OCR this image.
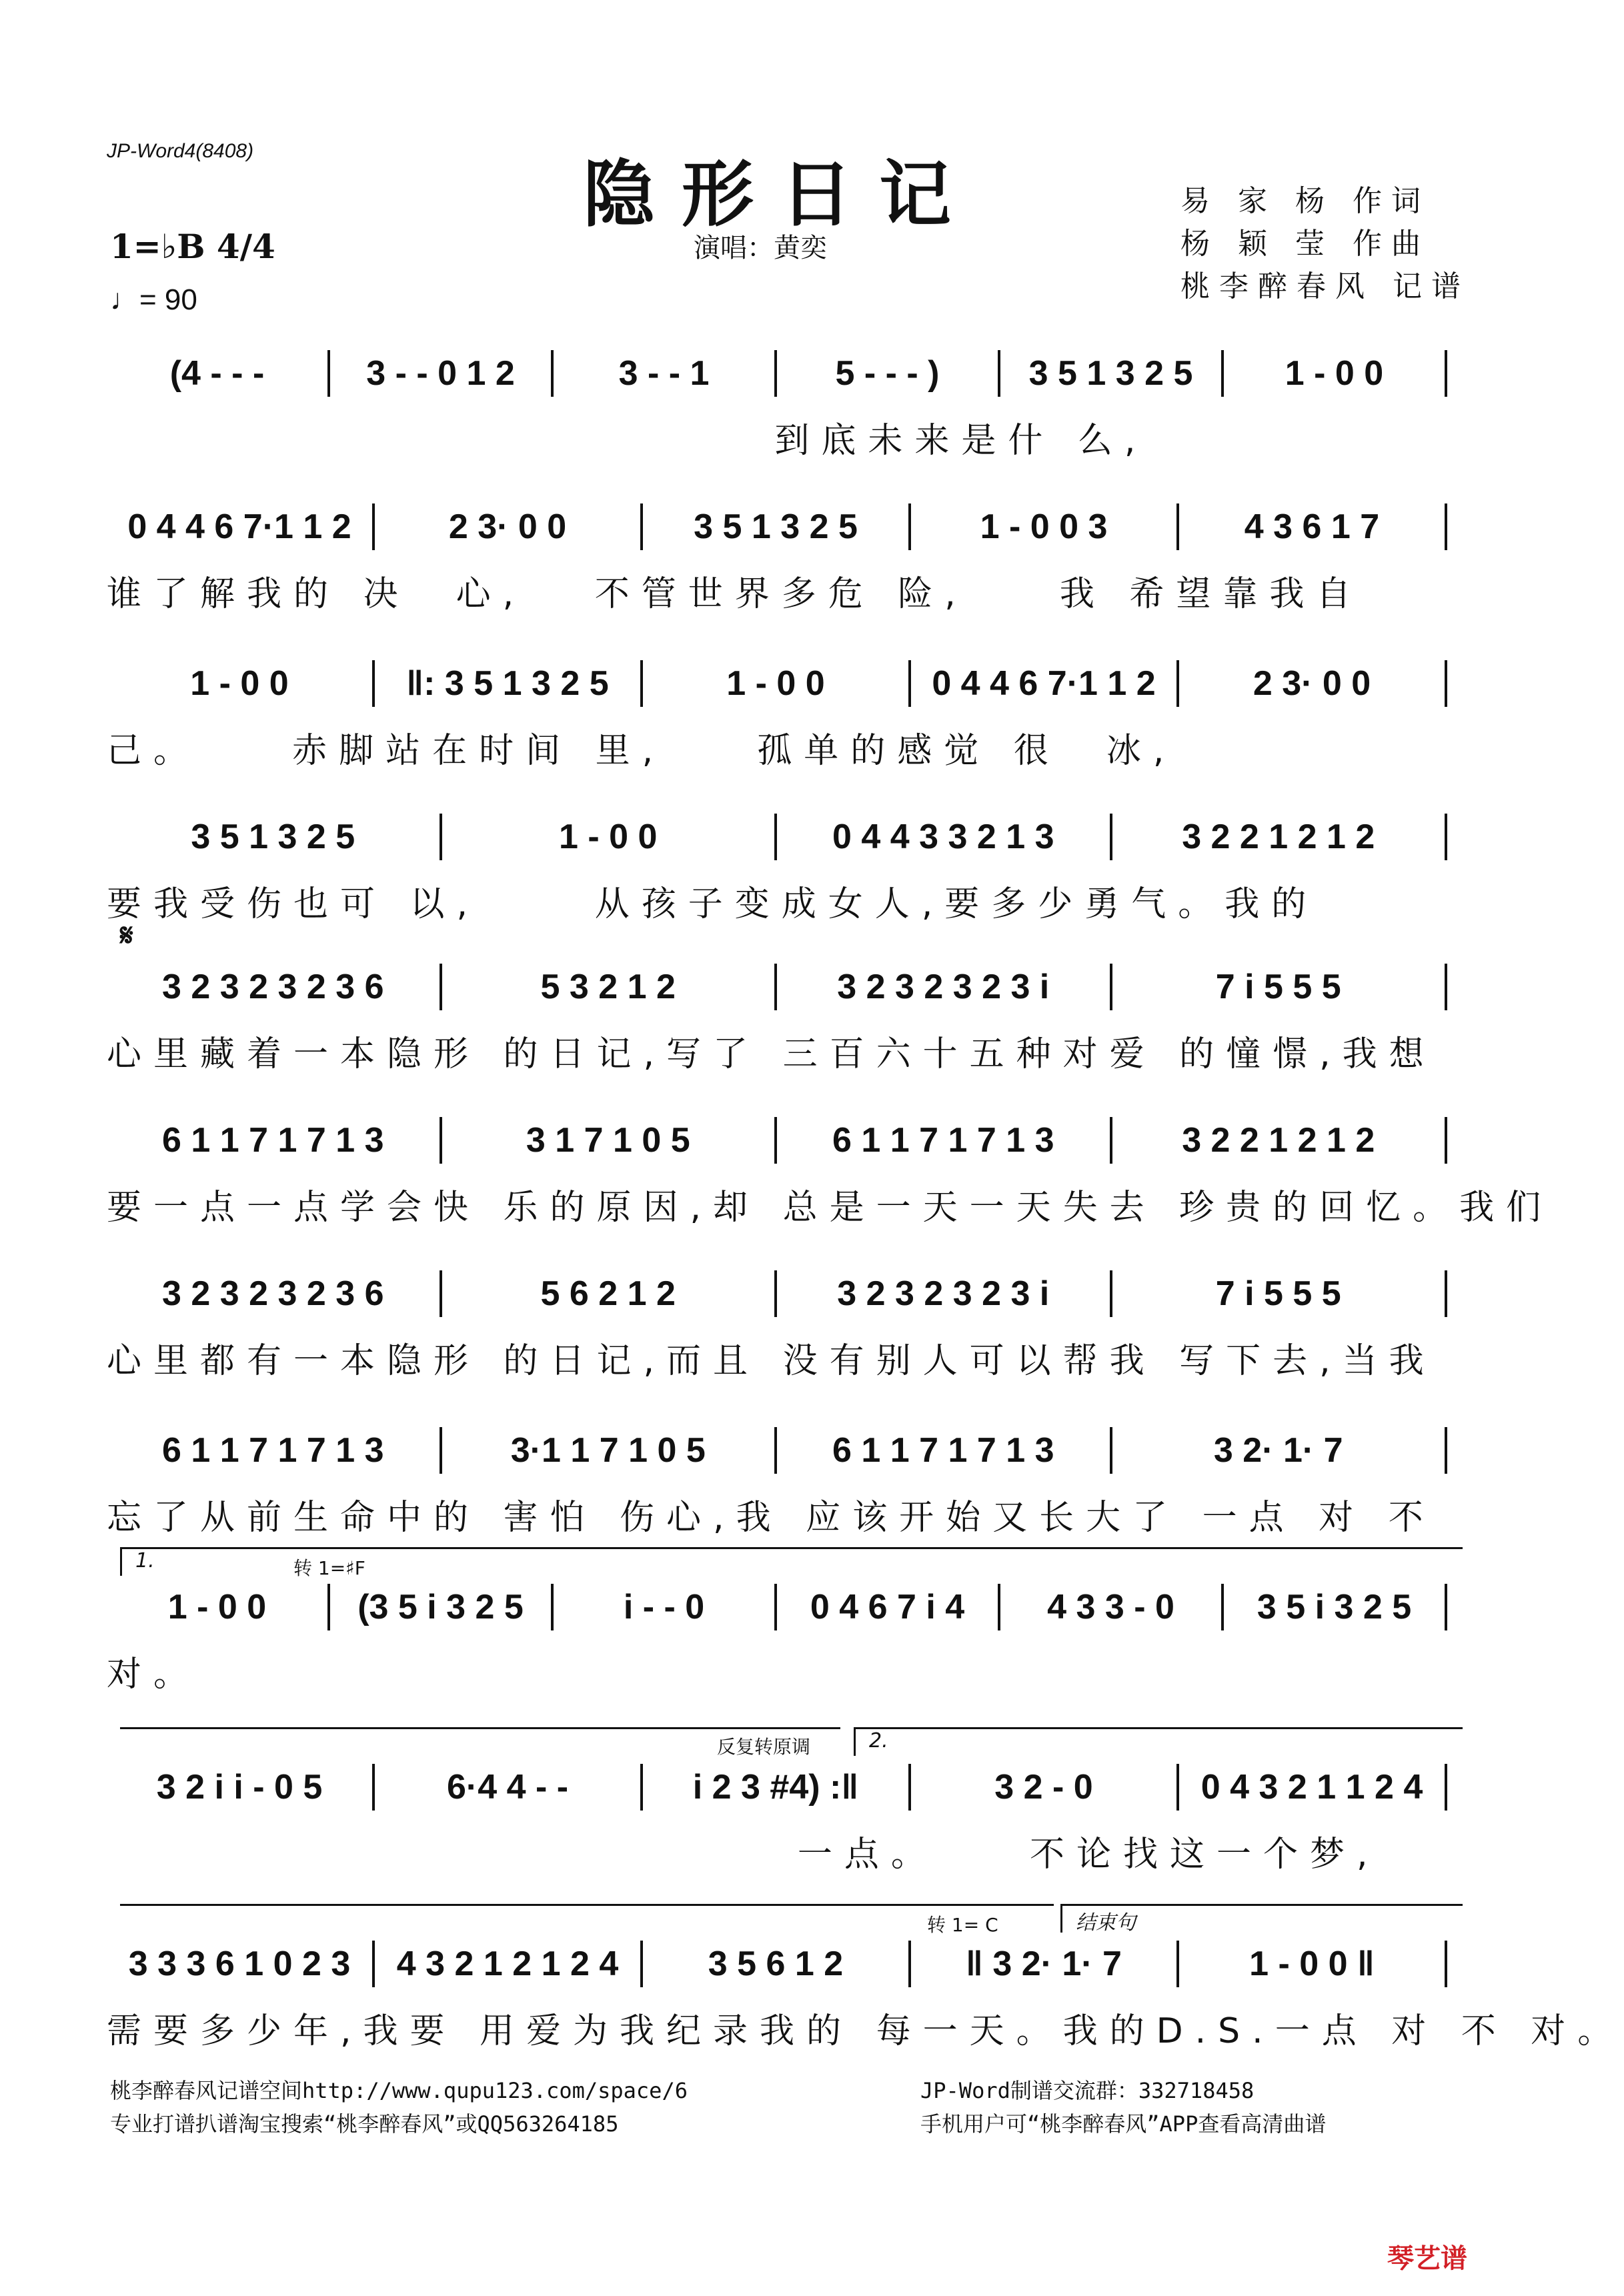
JP-Word4(8408)
隐形日记
演唱：黄奕
易 家 杨 作词
杨 颖 莹 作曲
桃李醉春风 记谱
1=♭B 4/4
♩= 90
(4 - - -	3 - - 0 1 2	3 - - 1	5 - - - )	3 5 1 3 2 5	1 - 0 0
到底未来是什 么,
0 4 4 6 7·1 1 2	2 3· 0 0	3 5 1 3 2 5	1 - 0 0 3	4 3 6 1 7
谁了解我的 决  心,   不管世界多危 险,    我 希望靠我自
1 - 0 0	‖: 3 5 1 3 2 5	1 - 0 0	0 4 4 6 7·1 1 2	2 3· 0 0
己。    赤脚站在时间 里,    孤单的感觉 很  冰,
3 5 1 3 2 5	1 - 0 0	0 4 4 3 3 2 1 3	3 2 2 1 2 1 2
要我受伤也可 以,     从孩子变成女人,要多少勇气。我的
𝄋
3 2 3 2 3 2 3 6	5 3 2 1 2	3 2 3 2 3 2 3 i	7 i 5 5 5
心里藏着一本隐形 的日记,写了 三百六十五种对爱 的憧憬,我想
6 1 1 7 1 7 1 3	3 1 7 1 0 5	6 1 1 7 1 7 1 3	3 2 2 1 2 1 2
要一点一点学会快 乐的原因,却 总是一天一天失去 珍贵的回忆。我们
3 2 3 2 3 2 3 6	5 6 2 1 2	3 2 3 2 3 2 3 i	7 i 5 5 5
心里都有一本隐形 的日记,而且 没有别人可以帮我 写下去,当我
6 1 1 7 1 7 1 3	3·1 1 7 1 0 5	6 1 1 7 1 7 1 3	3 2· 1· 7
忘了从前生命中的 害怕 伤心,我 应该开始又长大了 一点 对 不
1.	转 1=♯F
1 - 0 0	(3 5 i 3 2 5	i - - 0	0 4 6 7 i 4	4 3 3 - 0	3 5 i 3 2 5
对。
反复转原调	2.
3 2 i i - 0 5	6·4 4 - -	i 2 3 #4) :‖	3 2 - 0	0 4 3 2 1 1 2 4
一点。    不论找这一个梦,
转 1= C	结束句
3 3 3 6 1 0 2 3	4 3 2 1 2 1 2 4	3 5 6 1 2	‖ 3 2· 1· 7	1 - 0 0 ‖
需要多少年,我要 用爱为我纪录我的 每一天。我的D.S.一点 对 不 对。
桃李醉春风记谱空间http://www.qupu123.com/space/6
专业打谱扒谱淘宝搜索“桃李醉春风”或QQ563264185
JP-Word制谱交流群：332718458
手机用户可“桃李醉春风”APP查看高清曲谱
琴艺谱
